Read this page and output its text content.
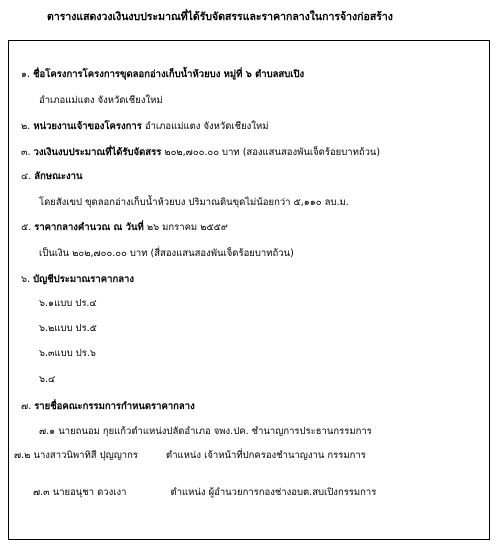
ตารางแสดงวงเงินงบประมาณที่ได้รับจัดสรรและราคากลางในการจ้างก่อสร้าง
๑. ชื่อโครงการโครงการขุดลอกอ่างเก็บน้ำห้วยบง หมู่ที่ ๖ ตำบลสบเปิง
อำเภอแม่แตง จังหวัดเชียงใหม่
๒. หน่วยงานเจ้าของโครงการ อำเภอแม่แตง จังหวัดเชียงใหม่
๓. วงเงินงบประมาณที่ได้รับจัดสรร ๒๐๒,๗๐๐.๐๐ บาท (สองแสนสองพันเจ็ดร้อยบาทถ้วน)
๔. ลักษณะงาน
โดยสังเขป ขุดลอกอ่างเก็บน้ำห้วยบง ปริมาณดินขุดไม่น้อยกว่า ๕,๑๑๐ ลบ.ม.
๕. ราคากลางคำนวณ ณ วันที่ ๒๖ มกราคม ๒๕๕๙
เป็นเงิน ๒๐๒,๗๐๐.๐๐ บาท (สี่สองแสนสองพันเจ็ดร้อยบาทถ้วน)
๖. บัญชีประมาณราคากลาง
๖.๑แบบ ปร.๔
๖.๒แบบ ปร.๕
๖.๓แบบ ปร.๖
๖.๔
๗. รายชื่อคณะกรรมการกำหนดราคากลาง
๗.๑ นายถนอม กุยแก้วตำแหน่งปลัดอำเภอ จพง.ปค. ชำนาญการประธานกรรมการ
๗.๒ นางสาวนิพาทิสี ปุญญากร	ตำแหน่ง เจ้าหน้าที่ปกครองชำนาญงาน กรรมการ
๗.๓ นายอนุชา ดวงเงา	ตำแหน่ง ผู้อำนวยการกองช่างอบต.สบเปิงกรรมการ
